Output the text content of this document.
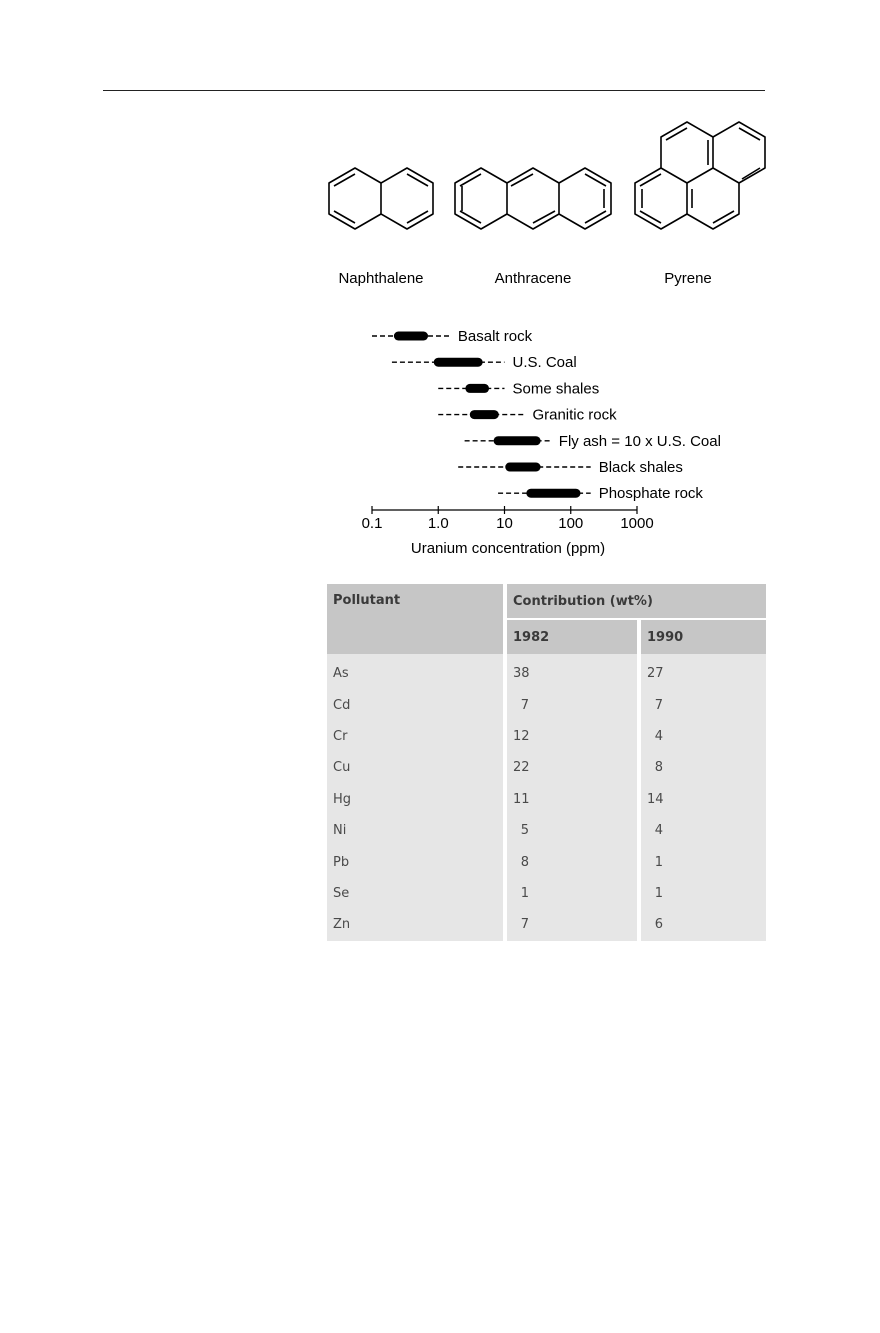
Naphthalene	Anthracene	Pyrene
Basalt rock
U.S. Coal
Some shales
Granitic rock
Fly ash = 10 x U.S. Coal
Black shales
Phosphate rock
0.1	1.0	10	100 1000
Uranium concentration (ppm)
Pollutant	Contribution (wt%)	
	1982	1990
As	38	27
Cd	7	7
Cr	12	4
Cu	22	8
Hg	11	14
Ni	5	4
Pb	8	1
Se	1	1
Zn	7	6
